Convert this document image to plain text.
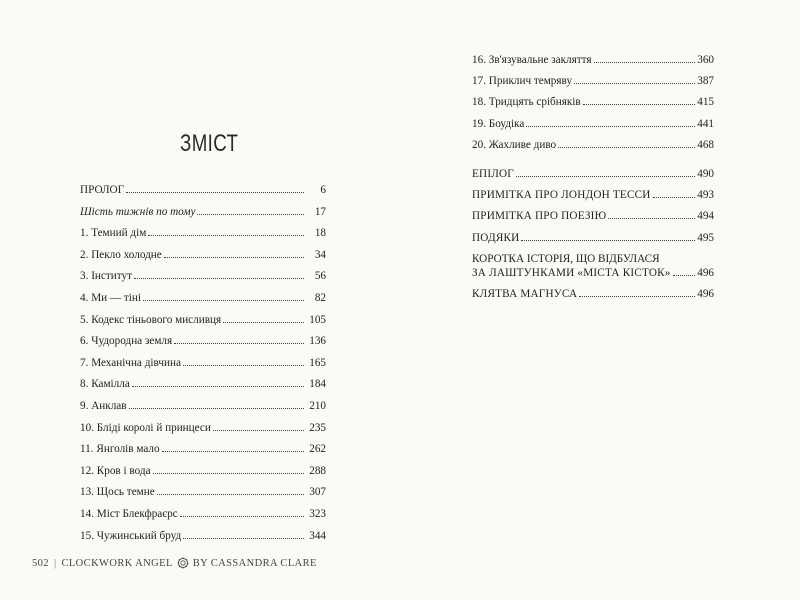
ЗМІСТ
ПРОЛОГ	6
Шість тижнів по тому	17
1. Темний дім	18
2. Пекло холодне	34
3. Інститут	56
4. Ми — тіні	82
5. Кодекс тіньового мисливця	105
6. Чудородна земля	136
7. Механічна дівчина	165
8. Камілла	184
9. Анклав	210
10. Бліді королі й принцеси	235
11. Янголів мало	262
12. Кров і вода	288
13. Щось темне	307
14. Міст Блекфраєрс	323
15. Чужинський бруд	344
502 | CLOCKWORK ANGEL BY CASSANDRA CLARE
16. Зв'язувальне закляття	360
17. Приклич темряву	387
18. Тридцять срібняків	415
19. Боудіка	441
20. Жахливе диво	468
ЕПІЛОГ	490
ПРИМІТКА ПРО ЛОНДОН ТЕССИ	493
ПРИМІТКА ПРО ПОЕЗІЮ	494
ПОДЯКИ	495
КОРОТКА ІСТОРІЯ, ЩО ВІДБУЛАСЯ
ЗА ЛАШТУНКАМИ «МІСТА КІСТОК» 496
КЛЯТВА МАГНУСА	496
